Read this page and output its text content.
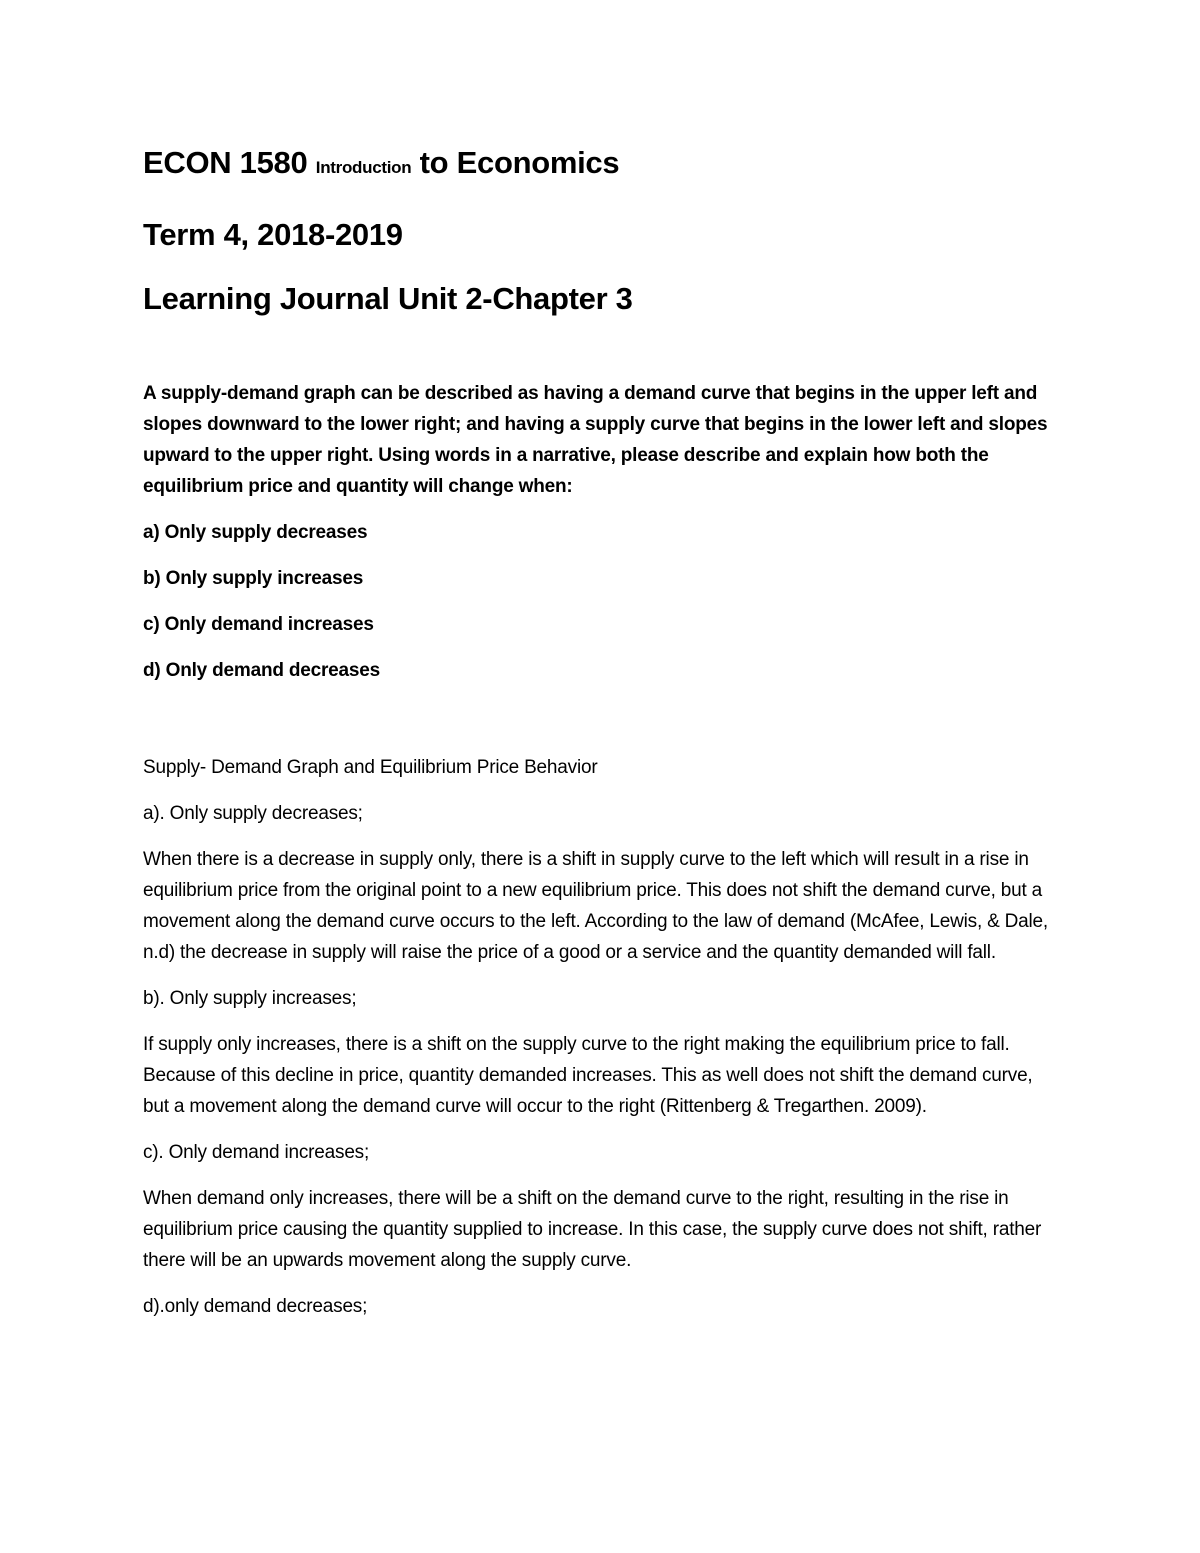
ECON 1580 Introduction to Economics

Term 4, 2018-2019

Learning Journal Unit 2-Chapter 3

A supply-demand graph can be described as having a demand curve that begins in the upper left and slopes downward to the lower right; and having a supply curve that begins in the lower left and slopes upward to the upper right. Using words in a narrative, please describe and explain how both the equilibrium price and quantity will change when:

a) Only supply decreases

b) Only supply increases

c) Only demand increases

d) Only demand decreases

Supply- Demand Graph and Equilibrium Price Behavior

a). Only supply decreases;

When there is a decrease in supply only, there is a shift in supply curve to the left which will result in a rise in equilibrium price from the original point to a new equilibrium price. This does not shift the demand curve, but a movement along the demand curve occurs to the left. According to the law of demand (McAfee, Lewis, & Dale, n.d) the decrease in supply will raise the price of a good or a service and the quantity demanded will fall.

b). Only supply increases;

If supply only increases, there is a shift on the supply curve to the right making the equilibrium price to fall. Because of this decline in price, quantity demanded increases. This as well does not shift the demand curve, but a movement along the demand curve will occur to the right (Rittenberg & Tregarthen. 2009).

c). Only demand increases;

When demand only increases, there will be a shift on the demand curve to the right, resulting in the rise in equilibrium price causing the quantity supplied to increase. In this case, the supply curve does not shift, rather there will be an upwards movement along the supply curve.

d).only demand decreases;
